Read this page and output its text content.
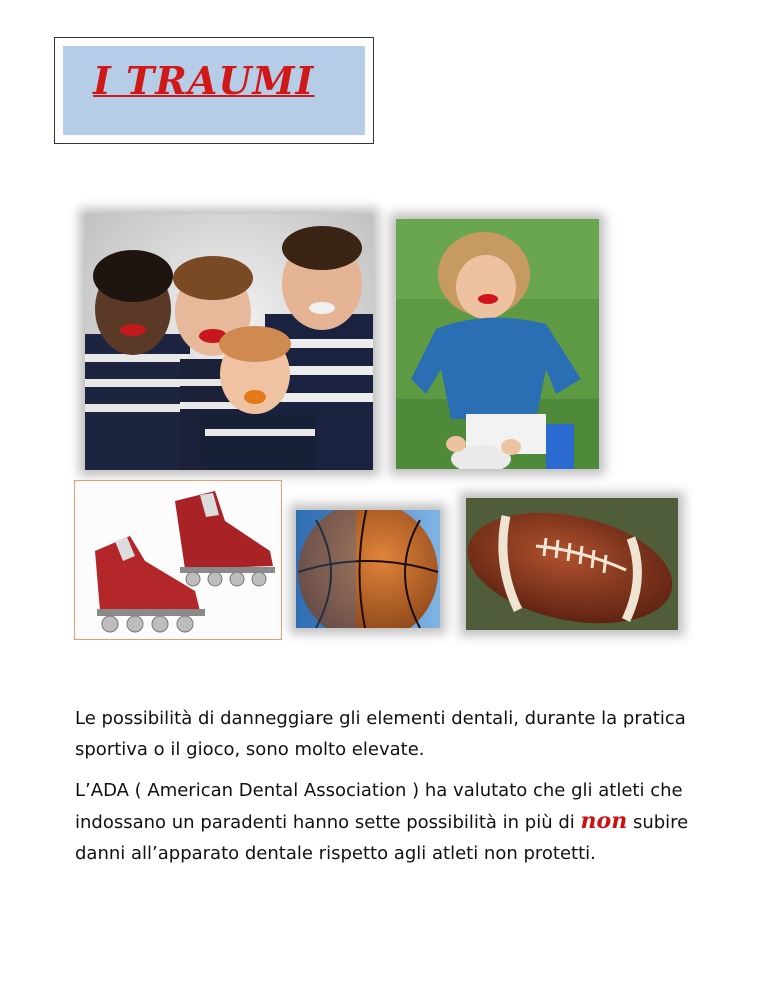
I TRAUMI

Le possibilità di danneggiare gli elementi dentali, durante la pratica sportiva o il gioco, sono molto elevate.

L’ADA ( American Dental Association ) ha valutato che gli atleti che indossano un paradenti hanno sette possibilità in più di non subire danni all’apparato dentale rispetto agli atleti non protetti.
